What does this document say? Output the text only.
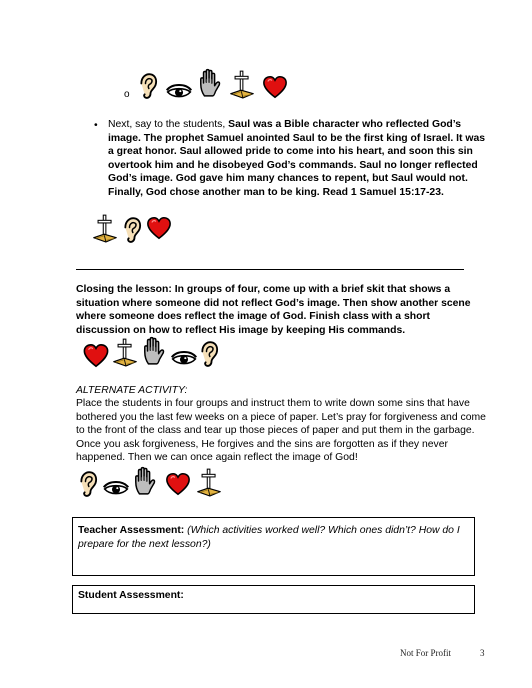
o
• Next, say to the students, Saul was a Bible character who reflected God’s image. The prophet Samuel anointed Saul to be the first king of Israel. It was a great honor. Saul allowed pride to come into his heart, and soon this sin overtook him and he disobeyed God’s commands. Saul no longer reflected God’s image. God gave him many chances to repent, but Saul would not. Finally, God chose another man to be king. Read 1 Samuel 15:17-23.
Closing the lesson: In groups of four, come up with a brief skit that shows a situation where someone did not reflect God’s image. Then show another scene where someone does reflect the image of God. Finish class with a short discussion on how to reflect His image by keeping His commands.
ALTERNATE ACTIVITY:
Place the students in four groups and instruct them to write down some sins that have bothered you the last few weeks on a piece of paper. Let’s pray for forgiveness and come to the front of the class and tear up those pieces of paper and put them in the garbage. Once you ask forgiveness, He forgives and the sins are forgotten as if they never happened. Then we can once again reflect the image of God!
Teacher Assessment: (Which activities worked well? Which ones didn’t? How do I prepare for the next lesson?)
Student Assessment:
Not For Profit	3
